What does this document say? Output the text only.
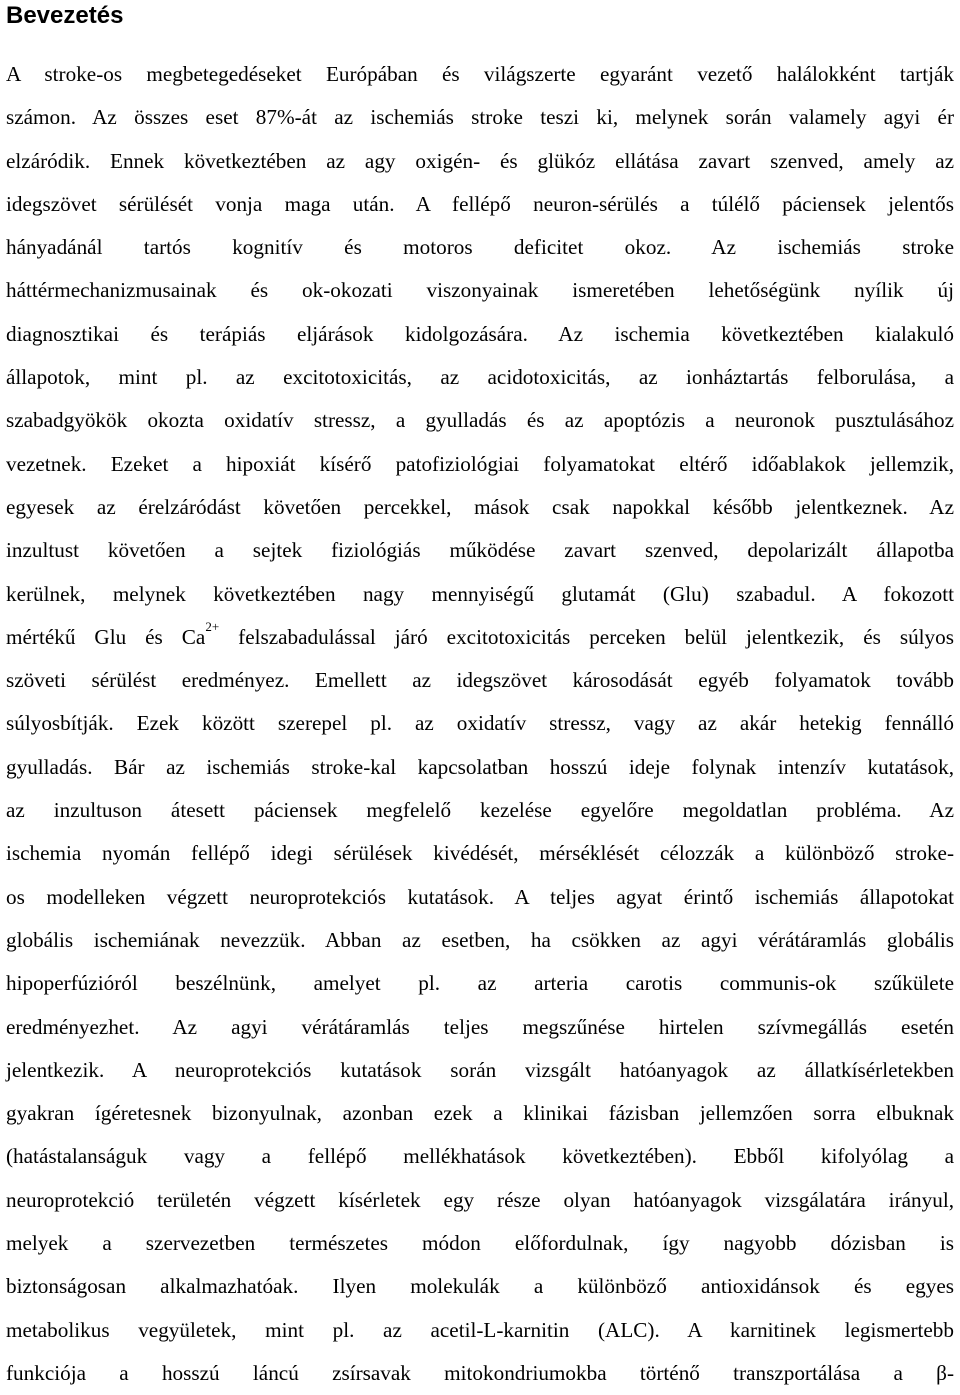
Bevezetés
A stroke-os megbetegedéseket Európában és világszerte egyaránt vezető halálokként tartják
számon. Az összes eset 87%-át az ischemiás stroke teszi ki, melynek során valamely agyi ér
elzáródik. Ennek következtében az agy oxigén- és glükóz ellátása zavart szenved, amely az
idegszövet sérülését vonja maga után. A fellépő neuron-sérülés a túlélő páciensek jelentős
hányadánál tartós kognitív és motoros deficitet okoz. Az ischemiás stroke
háttérmechanizmusainak és ok-okozati viszonyainak ismeretében lehetőségünk nyílik új
diagnosztikai és terápiás eljárások kidolgozására. Az ischemia következtében kialakuló
állapotok, mint pl. az excitotoxicitás, az acidotoxicitás, az ionháztartás felborulása, a
szabadgyökök okozta oxidatív stressz, a gyulladás és az apoptózis a neuronok pusztulásához
vezetnek. Ezeket a hipoxiát kísérő patofiziológiai folyamatokat eltérő időablakok jellemzik,
egyesek az érelzáródást követően percekkel, mások csak napokkal később jelentkeznek. Az
inzultust követően a sejtek fiziológiás működése zavart szenved, depolarizált állapotba
kerülnek, melynek következtében nagy mennyiségű glutamát (Glu) szabadul. A fokozott
mértékű Glu és $Ca^{2+}$ felszabadulással járó excitotoxicitás perceken belül jelentkezik, és súlyos
szöveti sérülést eredményez. Emellett az idegszövet károsodását egyéb folyamatok tovább
súlyosbítják. Ezek között szerepel pl. az oxidatív stressz, vagy az akár hetekig fennálló
gyulladás. Bár az ischemiás stroke-kal kapcsolatban hosszú ideje folynak intenzív kutatások,
az inzultuson átesett páciensek megfelelő kezelése egyelőre megoldatlan probléma. Az
ischemia nyomán fellépő idegi sérülések kivédését, mérséklését célozzák a különböző stroke-
os modelleken végzett neuroprotekciós kutatások. A teljes agyat érintő ischemiás állapotokat
globális ischemiának nevezzük. Abban az esetben, ha csökken az agyi vérátáramlás globális
hipoperfúzióról beszélnünk, amelyet pl. az arteria carotis communis-ok szűkülete
eredményezhet. Az agyi vérátáramlás teljes megszűnése hirtelen szívmegállás esetén
jelentkezik. A neuroprotekciós kutatások során vizsgált hatóanyagok az állatkísérletekben
gyakran ígéretesnek bizonyulnak, azonban ezek a klinikai fázisban jellemzően sorra elbuknak
(hatástalanságuk vagy a fellépő mellékhatások következtében). Ebből kifolyólag a
neuroprotekció területén végzett kísérletek egy része olyan hatóanyagok vizsgálatára irányul,
melyek a szervezetben természetes módon előfordulnak, így nagyobb dózisban is
biztonságosan alkalmazhatóak. Ilyen molekulák a különböző antioxidánsok és egyes
metabolikus vegyületek, mint pl. az acetil-L-karnitin (ALC). A karnitinek legismertebb
funkciója a hosszú láncú zsírsavak mitokondriumokba történő transzportálása a β-
